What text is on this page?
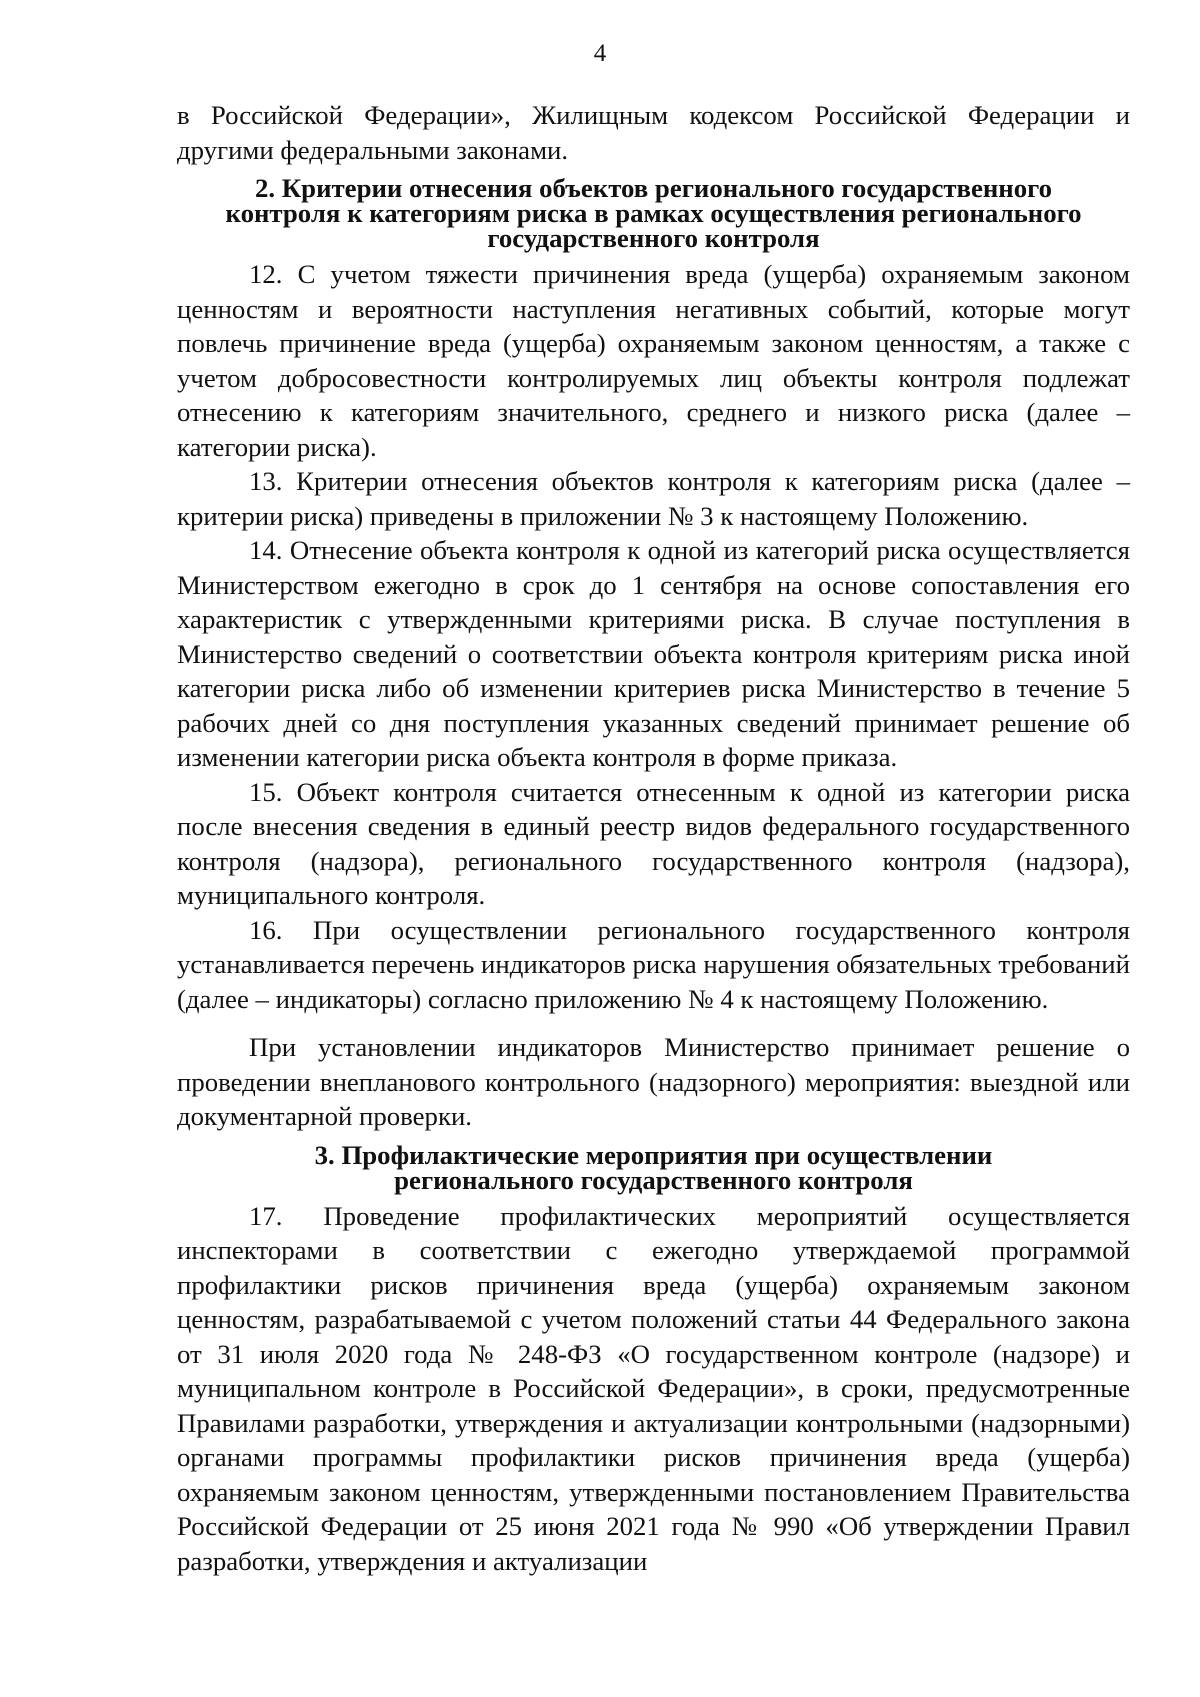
4

в Российской Федерации», Жилищным кодексом Российской Федерации и другими федеральными законами.

2. Критерии отнесения объектов регионального государственного
контроля к категориям риска в рамках осуществления регионального
государственного контроля

12. С учетом тяжести причинения вреда (ущерба) охраняемым законом ценностям и вероятности наступления негативных событий, которые могут повлечь причинение вреда (ущерба) охраняемым законом ценностям, а также с учетом добросовестности контролируемых лиц объекты контроля подлежат отнесению к категориям значительного, среднего и низкого риска (далее – категории риска).

13. Критерии отнесения объектов контроля к категориям риска (далее – критерии риска) приведены в приложении № 3 к настоящему Положению.

14. Отнесение объекта контроля к одной из категорий риска осуществляется Министерством ежегодно в срок до 1 сентября на основе сопоставления его характеристик с утвержденными критериями риска. В случае поступления в Министерство сведений о соответствии объекта контроля критериям риска иной категории риска либо об изменении критериев риска Министерство в течение 5 рабочих дней со дня поступления указанных сведений принимает решение об изменении категории риска объекта контроля в форме приказа.

15. Объект контроля считается отнесенным к одной из категории риска после внесения сведения в единый реестр видов федерального государственного контроля (надзора), регионального государственного контроля (надзора), муниципального контроля.

16. При осуществлении регионального государственного контроля устанавливается перечень индикаторов риска нарушения обязательных требований (далее – индикаторы) согласно приложению № 4 к настоящему Положению.

При установлении индикаторов Министерство принимает решение о проведении внепланового контрольного (надзорного) мероприятия: выездной или документарной проверки.

3. Профилактические мероприятия при осуществлении
регионального государственного контроля

17. Проведение профилактических мероприятий осуществляется инспекторами в соответствии с ежегодно утверждаемой программой профилактики рисков причинения вреда (ущерба) охраняемым законом ценностям, разрабатываемой с учетом положений статьи 44 Федерального закона от 31 июля 2020 года № 248-ФЗ «О государственном контроле (надзоре) и муниципальном контроле в Российской Федерации», в сроки, предусмотренные Правилами разработки, утверждения и актуализации контрольными (надзорными) органами программы профилактики рисков причинения вреда (ущерба) охраняемым законом ценностям, утвержденными постановлением Правительства Российской Федерации от 25 июня 2021 года № 990 «Об утверждении Правил разработки, утверждения и актуализации
